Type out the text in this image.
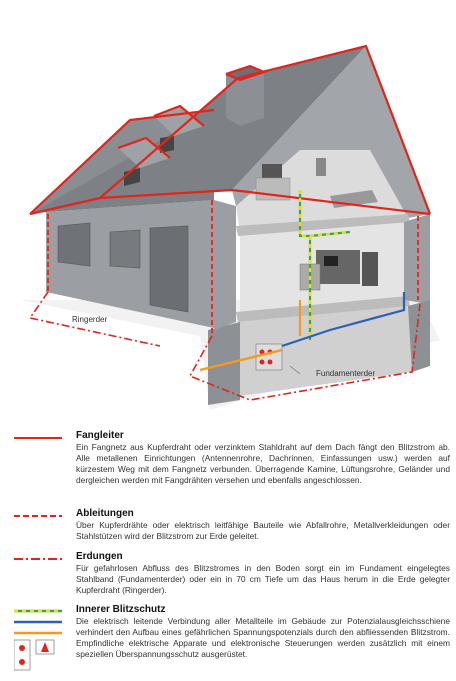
Ringerder
Fundamenterder
Fangleiter
Ein Fangnetz aus Kupferdraht oder verzinktem Stahldraht auf dem Dach fängt den Blitzstrom ab. Alle metallenen Einrichtungen (Antennenrohre, Dachrinnen, Einfassungen usw.) werden auf kürzestem Weg mit dem Fangnetz verbunden. Überragende Kamine, Lüftungsrohre, Geländer und dergleichen werden mit Fangdrähten versehen und ebenfalls angeschlossen.
Ableitungen
Über Kupferdrähte oder elektrisch leitfähige Bauteile wie Abfallrohre, Metallverkleidungen oder Stahlstützen wird der Blitzstrom zur Erde geleitet.
Erdungen
Für gefahrlosen Abfluss des Blitzstromes in den Boden sorgt ein im Fundament eingelegtes Stahlband (Fundamenterder) oder ein in 70 cm Tiefe um das Haus herum in die Erde gelegter Kupferdraht (Ringerder).
Innerer Blitzschutz
Die elektrisch leitende Verbindung aller Metallteile im Gebäude zur Potenzialausgleichsschiene verhindert den Aufbau eines gefährlichen Spannungspotenzials durch den abfliessenden Blitzstrom. Empfindliche elektrische Apparate und elektronische Steuerungen werden zusätzlich mit einem speziellen Überspannungsschutz ausgerüstet.
